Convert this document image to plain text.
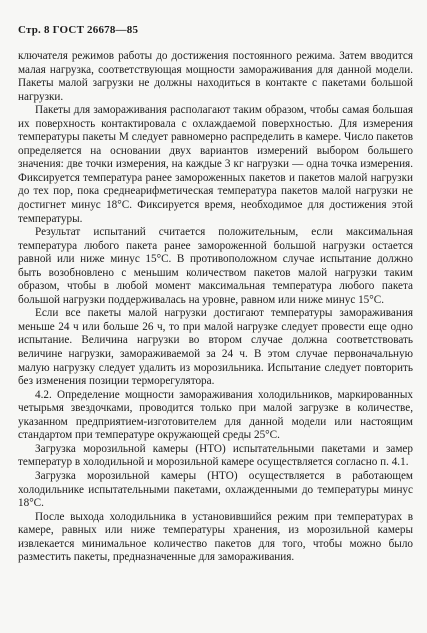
Стр. 8 ГОСТ 26678—85

ключателя режимов работы до достижения постоянного режима. Затем вводится малая нагрузка, соответствующая мощности замораживания для данной модели. Пакеты малой загрузки не должны находиться в контакте с пакетами большой нагрузки.

Пакеты для замораживания располагают таким образом, чтобы самая большая их поверхность контактировала с охлаждаемой поверхностью. Для измерения температуры пакеты М следует равномерно распределить в камере. Число пакетов определяется на основании двух вариантов измерений выбором большего значения: две точки измерения, на каждые 3 кг нагрузки — одна точка измерения. Фиксируется температура ранее замороженных пакетов и пакетов малой нагрузки до тех пор, пока среднеарифметическая температура пакетов малой нагрузки не достигнет минус 18°С. Фиксируется время, необходимое для достижения этой температуры.

Результат испытаний считается положительным, если максимальная температура любого пакета ранее замороженной большой нагрузки остается равной или ниже минус 15°С. В противоположном случае испытание должно быть возобновлено с меньшим количеством пакетов малой нагрузки таким образом, чтобы в любой момент максимальная температура любого пакета большой нагрузки поддерживалась на уровне, равном или ниже минус 15°С.

Если все пакеты малой нагрузки достигают температуры замораживания меньше 24 ч или больше 26 ч, то при малой нагрузке следует провести еще одно испытание. Величина нагрузки во втором случае должна соответствовать величине нагрузки, замораживаемой за 24 ч. В этом случае первоначальную малую нагрузку следует удалить из морозильника. Испытание следует повторить без изменения позиции терморегулятора.

4.2. Определение мощности замораживания холодильников, маркированных четырьмя звездочками, проводится только при малой загрузке в количестве, указанном предприятием-изготовителем для данной модели или настоящим стандартом при температуре окружающей среды 25°С.

Загрузка морозильной камеры (НТО) испытательными пакетами и замер температур в холодильной и морозильной камере осуществляется согласно п. 4.1.

Загрузка морозильной камеры (НТО) осуществляется в работающем холодильнике испытательными пакетами, охлажденными до температуры минус 18°С.

После выхода холодильника в установившийся режим при температурах в камере, равных или ниже температуры хранения, из морозильной камеры извлекается минимальное количество пакетов для того, чтобы можно было разместить пакеты, предназначенные для замораживания.
